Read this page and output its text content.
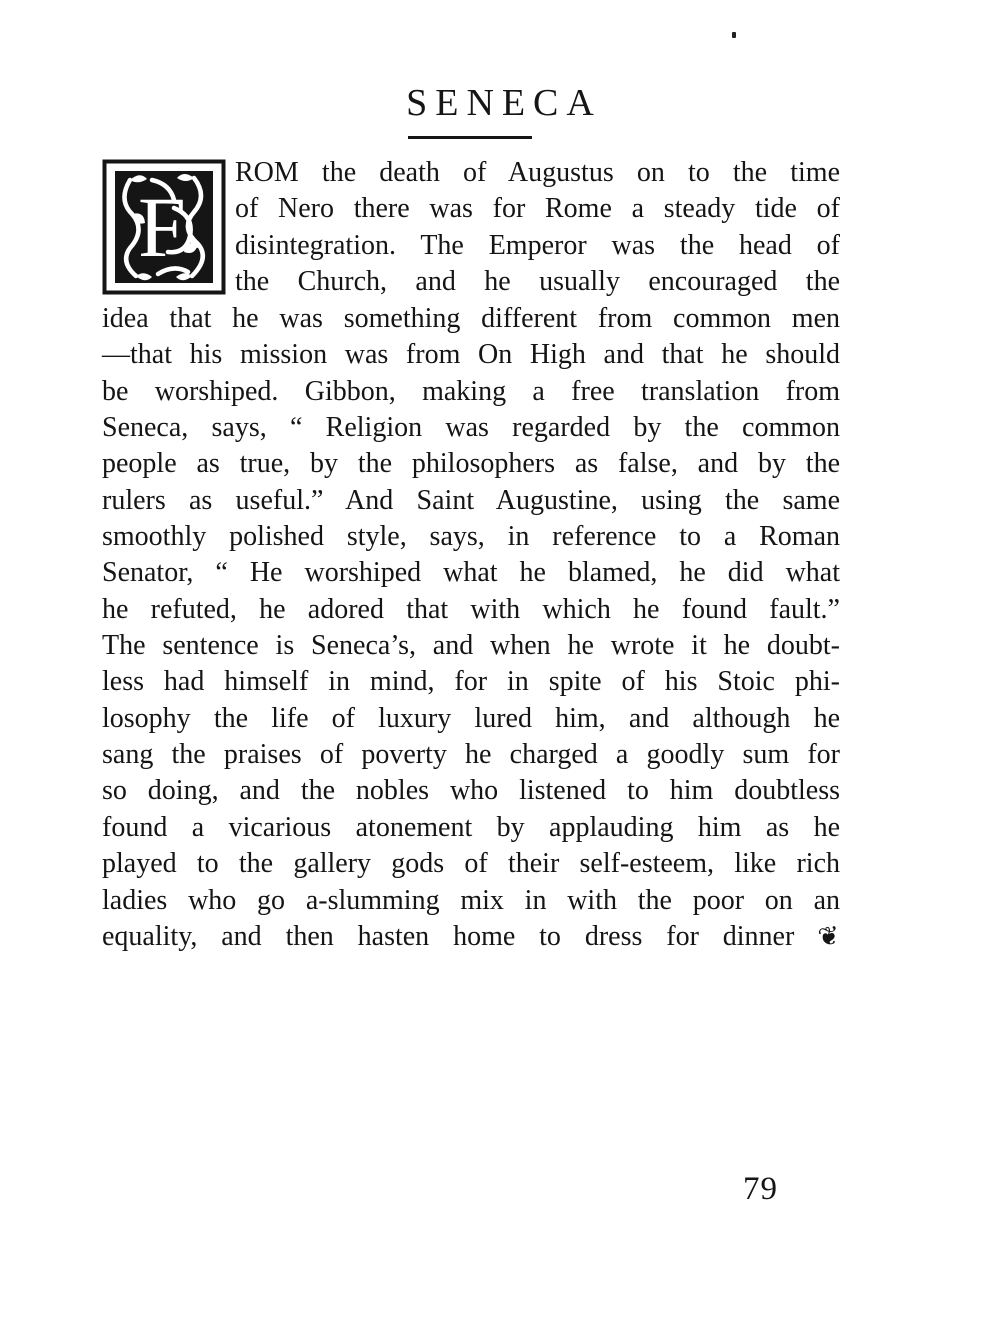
SENECA
F
ROM the death of Augustus on to the time
of Nero there was for Rome a steady tide of
disintegration. The Emperor was the head of
the Church, and he usually encouraged the
idea that he was something different from common men
—that his mission was from On High and that he should
be worshiped. Gibbon, making a free translation from
Seneca, says, “ Religion was regarded by the common
people as true, by the philosophers as false, and by the
rulers as useful.” And Saint Augustine, using the same
smoothly polished style, says, in reference to a Roman
Senator, “ He worshiped what he blamed, he did what
he refuted, he adored that with which he found fault.”
The sentence is Seneca’s, and when he wrote it he doubt-
less had himself in mind, for in spite of his Stoic phi-
losophy the life of luxury lured him, and although he
sang the praises of poverty he charged a goodly sum for
so doing, and the nobles who listened to him doubtless
found a vicarious atonement by applauding him as he
played to the gallery gods of their self-esteem, like rich
ladies who go a-slumming mix in with the poor on an
equality, and then hasten home to dress for dinner ❦
79
